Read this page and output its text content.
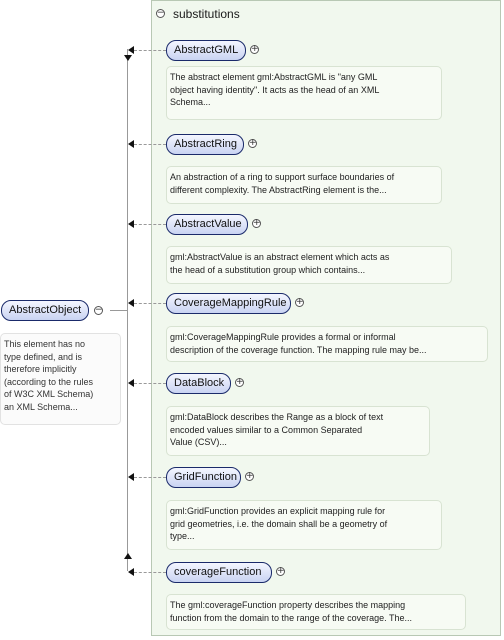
− substitutions
AbstractObject	−
This element has no
type defined, and is
therefore implicitly
(according to the rules
of W3C XML Schema)
an XML Schema...
AbstractGML	+
The abstract element gml:AbstractGML is "any GML
object having identity". It acts as the head of an XML
Schema...
AbstractRing	+
An abstraction of a ring to support surface boundaries of
different complexity. The AbstractRing element is the...
AbstractValue	+
gml:AbstractValue is an abstract element which acts as
the head of a substitution group which contains...
CoverageMappingRule	+
gml:CoverageMappingRule provides a formal or informal
description of the coverage function. The mapping rule may be...
DataBlock	+
gml:DataBlock describes the Range as a block of text
encoded values similar to a Common Separated
Value (CSV)...
GridFunction	+
gml:GridFunction provides an explicit mapping rule for
grid geometries, i.e. the domain shall be a geometry of
type...
coverageFunction	+
The gml:coverageFunction property describes the mapping
function from the domain to the range of the coverage. The...
